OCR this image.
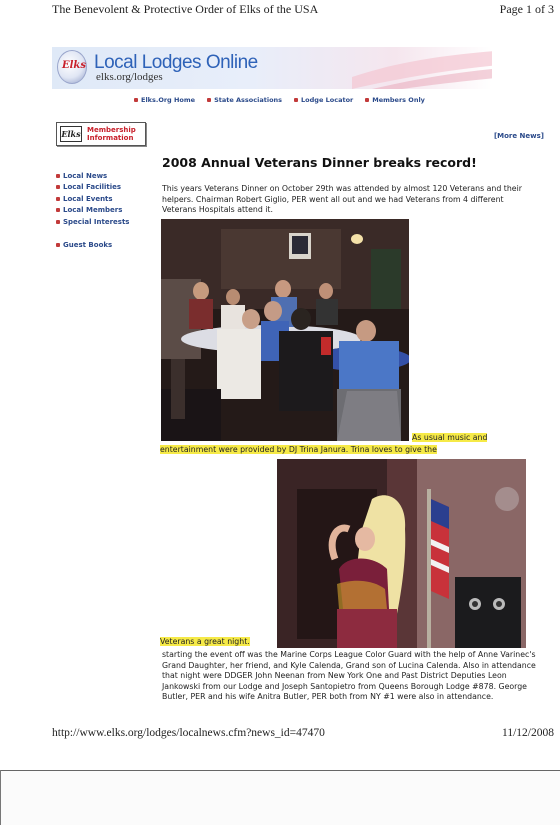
The Benevolent & Protective Order of Elks of the USA	Page 1 of 3
Elks Local Lodges Online
elks.org/lodges
Elks.Org Home	State Associations	Lodge Locator	Members Only
Elks Membership
Information	[More News]
Local News
Local Facilities
Local Events
Local Members
Special Interests
Guest Books
2008 Annual Veterans Dinner breaks record!

This years Veterans Dinner on October 29th was attended by almost 120 Veterans and their helpers. Chairman Robert Giglio, PER went all out and we had Veterans from 4 different Veterans Hospitals attend it.

As usual music and
entertainment were provided by DJ Trina Janura. Trina loves to give the
Veterans a great night.

starting the event off was the Marine Corps League Color Guard with the help of Anne Varinec's Grand Daughter, her friend, and Kyle Calenda, Grand son of Lucina Calenda. Also in attendance that night were DDGER John Neenan from New York One and Past District Deputies Leon Jankowski from our Lodge and Joseph Santopietro from Queens Borough Lodge #878. George Butler, PER and his wife Anitra Butler, PER both from NY #1 were also in attendance.

http://www.elks.org/lodges/localnews.cfm?news_id=47470	11/12/2008
